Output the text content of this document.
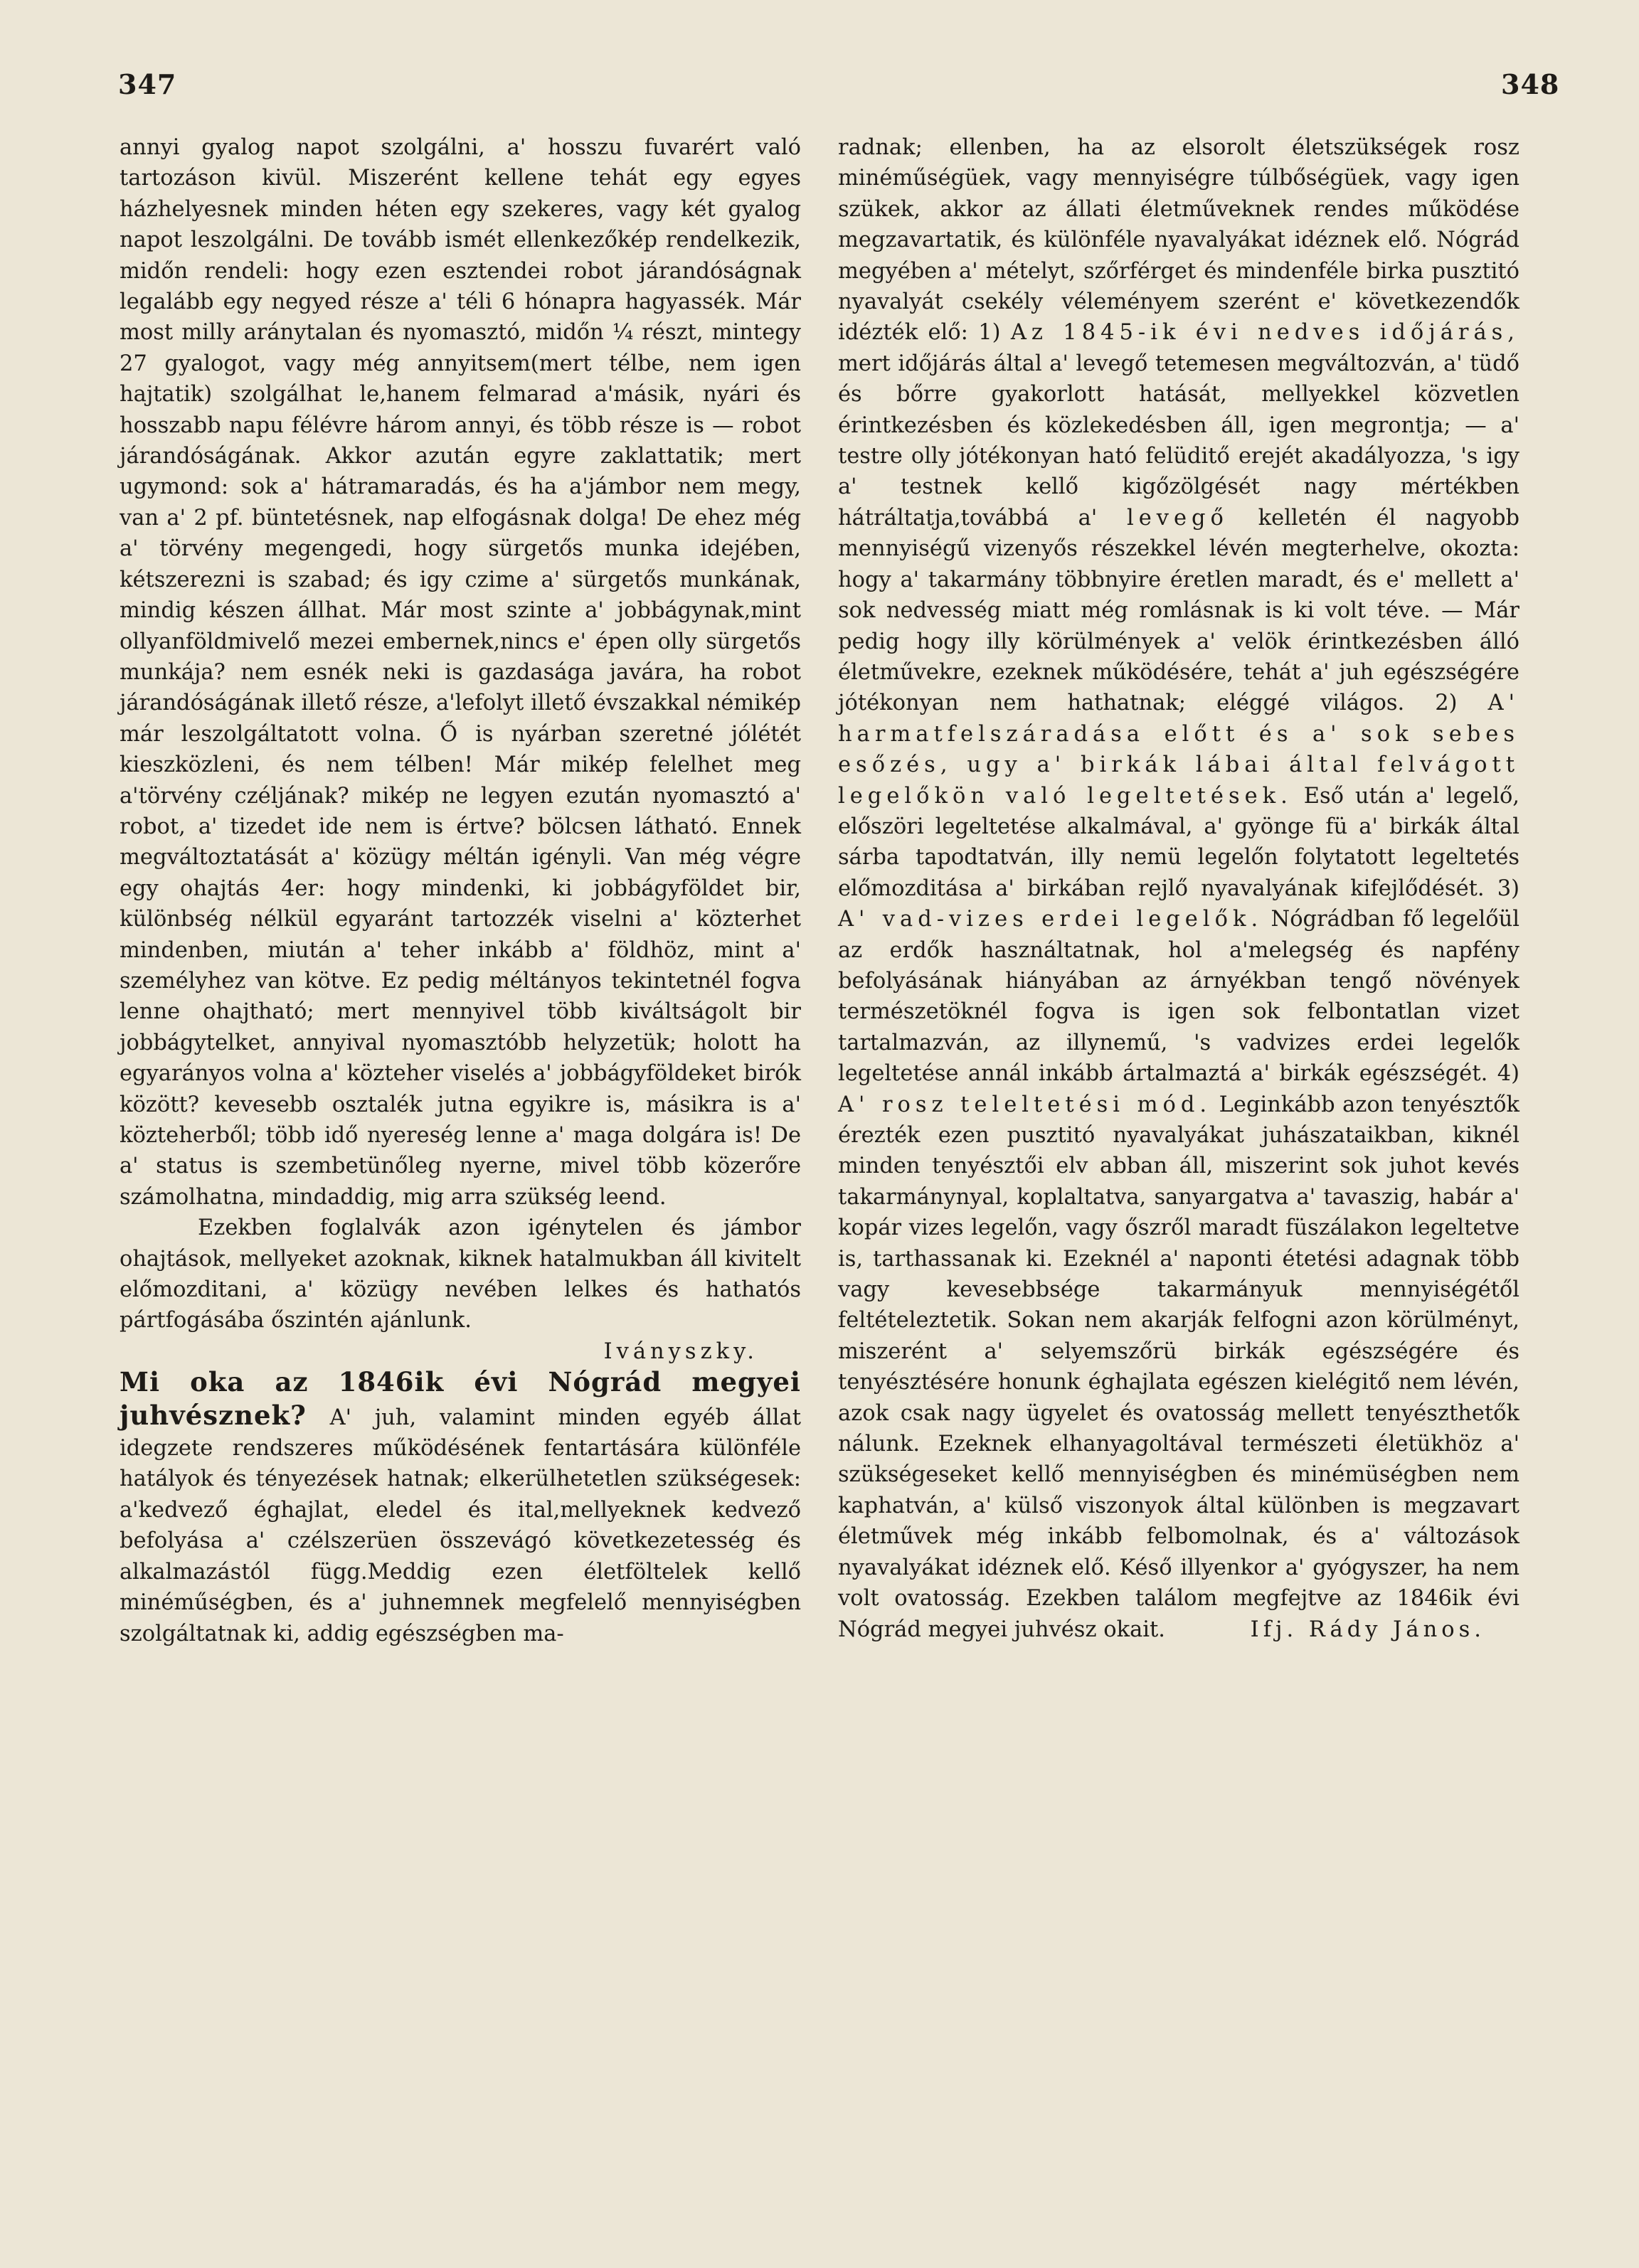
347	348

annyi gyalog napot szolgálni, a' hosszu fuvarért való tartozáson kivül. Miszerént kellene tehát egy egyes házhelyesnek minden héten egy szekeres, vagy két gyalog napot leszolgálni. De tovább ismét ellenkezőkép rendelkezik, midőn rendeli: hogy ezen esztendei robot járandóságnak legalább egy negyed része a' téli 6 hónapra hagyassék. Már most milly aránytalan és nyomasztó, midőn ¼ részt, mintegy 27 gyalogot, vagy még annyitsem(mert télbe, nem igen hajtatik) szolgálhat le,hanem felmarad a'másik, nyári és hosszabb napu félévre három annyi, és több része is — robot járandóságának. Akkor azután egyre zaklattatik; mert ugymond: sok a' hátramaradás, és ha a'jámbor nem megy, van a' 2 pf. büntetésnek, nap elfogásnak dolga! De ehez még a' törvény megengedi, hogy sürgetős munka idejében, kétszerezni is szabad; és igy czime a' sürgetős munkának, mindig készen állhat. Már most szinte a' jobbágynak,mint ollyanföldmivelő mezei embernek,nincs e' épen olly sürgetős munkája? nem esnék neki is gazdasága javára, ha robot járandóságának illető része, a'lefolyt illető évszakkal némikép már leszolgáltatott volna. Ő is nyárban szeretné jólétét kieszközleni, és nem télben! Már mikép felelhet meg a'törvény czéljának? mikép ne legyen ezután nyomasztó a' robot, a' tizedet ide nem is értve? bölcsen látható. Ennek megváltoztatását a' közügy méltán igényli. Van még végre egy ohajtás 4er: hogy mindenki, ki jobbágyföldet bir, különbség nélkül egyaránt tartozzék viselni a' közterhet mindenben, miután a' teher inkább a' földhöz, mint a' személyhez van kötve. Ez pedig méltányos tekintetnél fogva lenne ohajtható; mert mennyivel több kiváltságolt bir jobbágytelket, annyival nyomasztóbb helyzetük; holott ha egyarányos volna a' közteher viselés a' jobbágyföldeket birók között? kevesebb osztalék jutna egyikre is, másikra is a' közteherből; több idő nyereség lenne a' maga dolgára is! De a' status is szembetünőleg nyerne, mivel több közerőre számolhatna, mindaddig, mig arra szükség leend.

Ezekben foglalvák azon igénytelen és jámbor ohajtások, mellyeket azoknak, kiknek hatalmukban áll kivitelt előmozditani, a' közügy nevében lelkes és hathatós pártfogásába őszintén ajánlunk.

Iványszky.

Mi oka az 1846ik évi Nógrád megyei juhvésznek? A' juh, valamint minden egyéb állat idegzete rendszeres működésének fentartására különféle hatályok és tényezések hatnak; elkerülhetetlen szükségesek: a'kedvező éghajlat, eledel és ital,mellyeknek kedvező befolyása a' czélszerüen összevágó következetesség és alkalmazástól függ.Meddig ezen életföltelek kellő minéműségben, és a' juhnemnek megfelelő mennyiségben szolgáltatnak ki, addig egészségben ma-

radnak; ellenben, ha az elsorolt életszükségek rosz minéműségüek, vagy mennyiségre túlbőségüek, vagy igen szükek, akkor az állati életműveknek rendes működése megzavartatik, és különféle nyavalyákat idéznek elő. Nógrád megyében a' mételyt, szőrférget és mindenféle birka pusztitó nyavalyát csekély véleményem szerént e' következendők idézték elő: 1) Az 1845-ik évi nedves időjárás, mert időjárás által a' levegő tetemesen megváltozván, a' tüdő és bőrre gyakorlott hatását, mellyekkel közvetlen érintkezésben és közlekedésben áll, igen megrontja; — a' testre olly jótékonyan ható felüditő erejét akadályozza, 's igy a' testnek kellő kigőzölgését nagy mértékben hátráltatja,továbbá a' levegő kelletén él nagyobb mennyiségű vizenyős részekkel lévén megterhelve, okozta: hogy a' takarmány többnyire éretlen maradt, és e' mellett a' sok nedvesség miatt még romlásnak is ki volt téve. — Már pedig hogy illy körülmények a' velök érintkezésben álló életművekre, ezeknek működésére, tehát a' juh egészségére jótékonyan nem hathatnak; eléggé világos. 2) A' harmatfelszáradása előtt és a' sok sebes esőzés, ugy a' birkák lábai által felvágott legelőkön való legeltetések. Eső után a' legelő, előszöri legeltetése alkalmával, a' gyönge fü a' birkák által sárba tapodtatván, illy nemü legelőn folytatott legeltetés előmozditása a' birkában rejlő nyavalyának kifejlődését. 3) A' vad-vizes erdei legelők. Nógrádban fő legelőül az erdők használtatnak, hol a'melegség és napfény befolyásának hiányában az árnyékban tengő növények természetöknél fogva is igen sok felbontatlan vizet tartalmazván, az illynemű, 's vadvizes erdei legelők legeltetése annál inkább ártalmaztá a' birkák egészségét. 4) A' rosz teleltetési mód. Leginkább azon tenyésztők érezték ezen pusztitó nyavalyákat juhászataikban, kiknél minden tenyésztői elv abban áll, miszerint sok juhot kevés takarmánynyal, koplaltatva, sanyargatva a' tavaszig, habár a' kopár vizes legelőn, vagy őszről maradt füszálakon legeltetve is, tarthassanak ki. Ezeknél a' naponti étetési adagnak több vagy kevesebbsége takarmányuk mennyiségétől feltételeztetik. Sokan nem akarják felfogni azon körülményt, miszerént a' selyemszőrü birkák egészségére és tenyésztésére honunk éghajlata egészen kielégitő nem lévén, azok csak nagy ügyelet és ovatosság mellett tenyészthetők nálunk. Ezeknek elhanyagoltával természeti életükhöz a' szükségeseket kellő mennyiségben és minémüségben nem kaphatván, a' külső viszonyok által különben is megzavart életművek még inkább felbomolnak, és a' változások nyavalyákat idéznek elő. Késő illyenkor a' gyógyszer, ha nem volt ovatosság. Ezekben találom megfejtve az 1846ik évi Nógrád megyei juhvész okait.	Ifj. Rády János.
